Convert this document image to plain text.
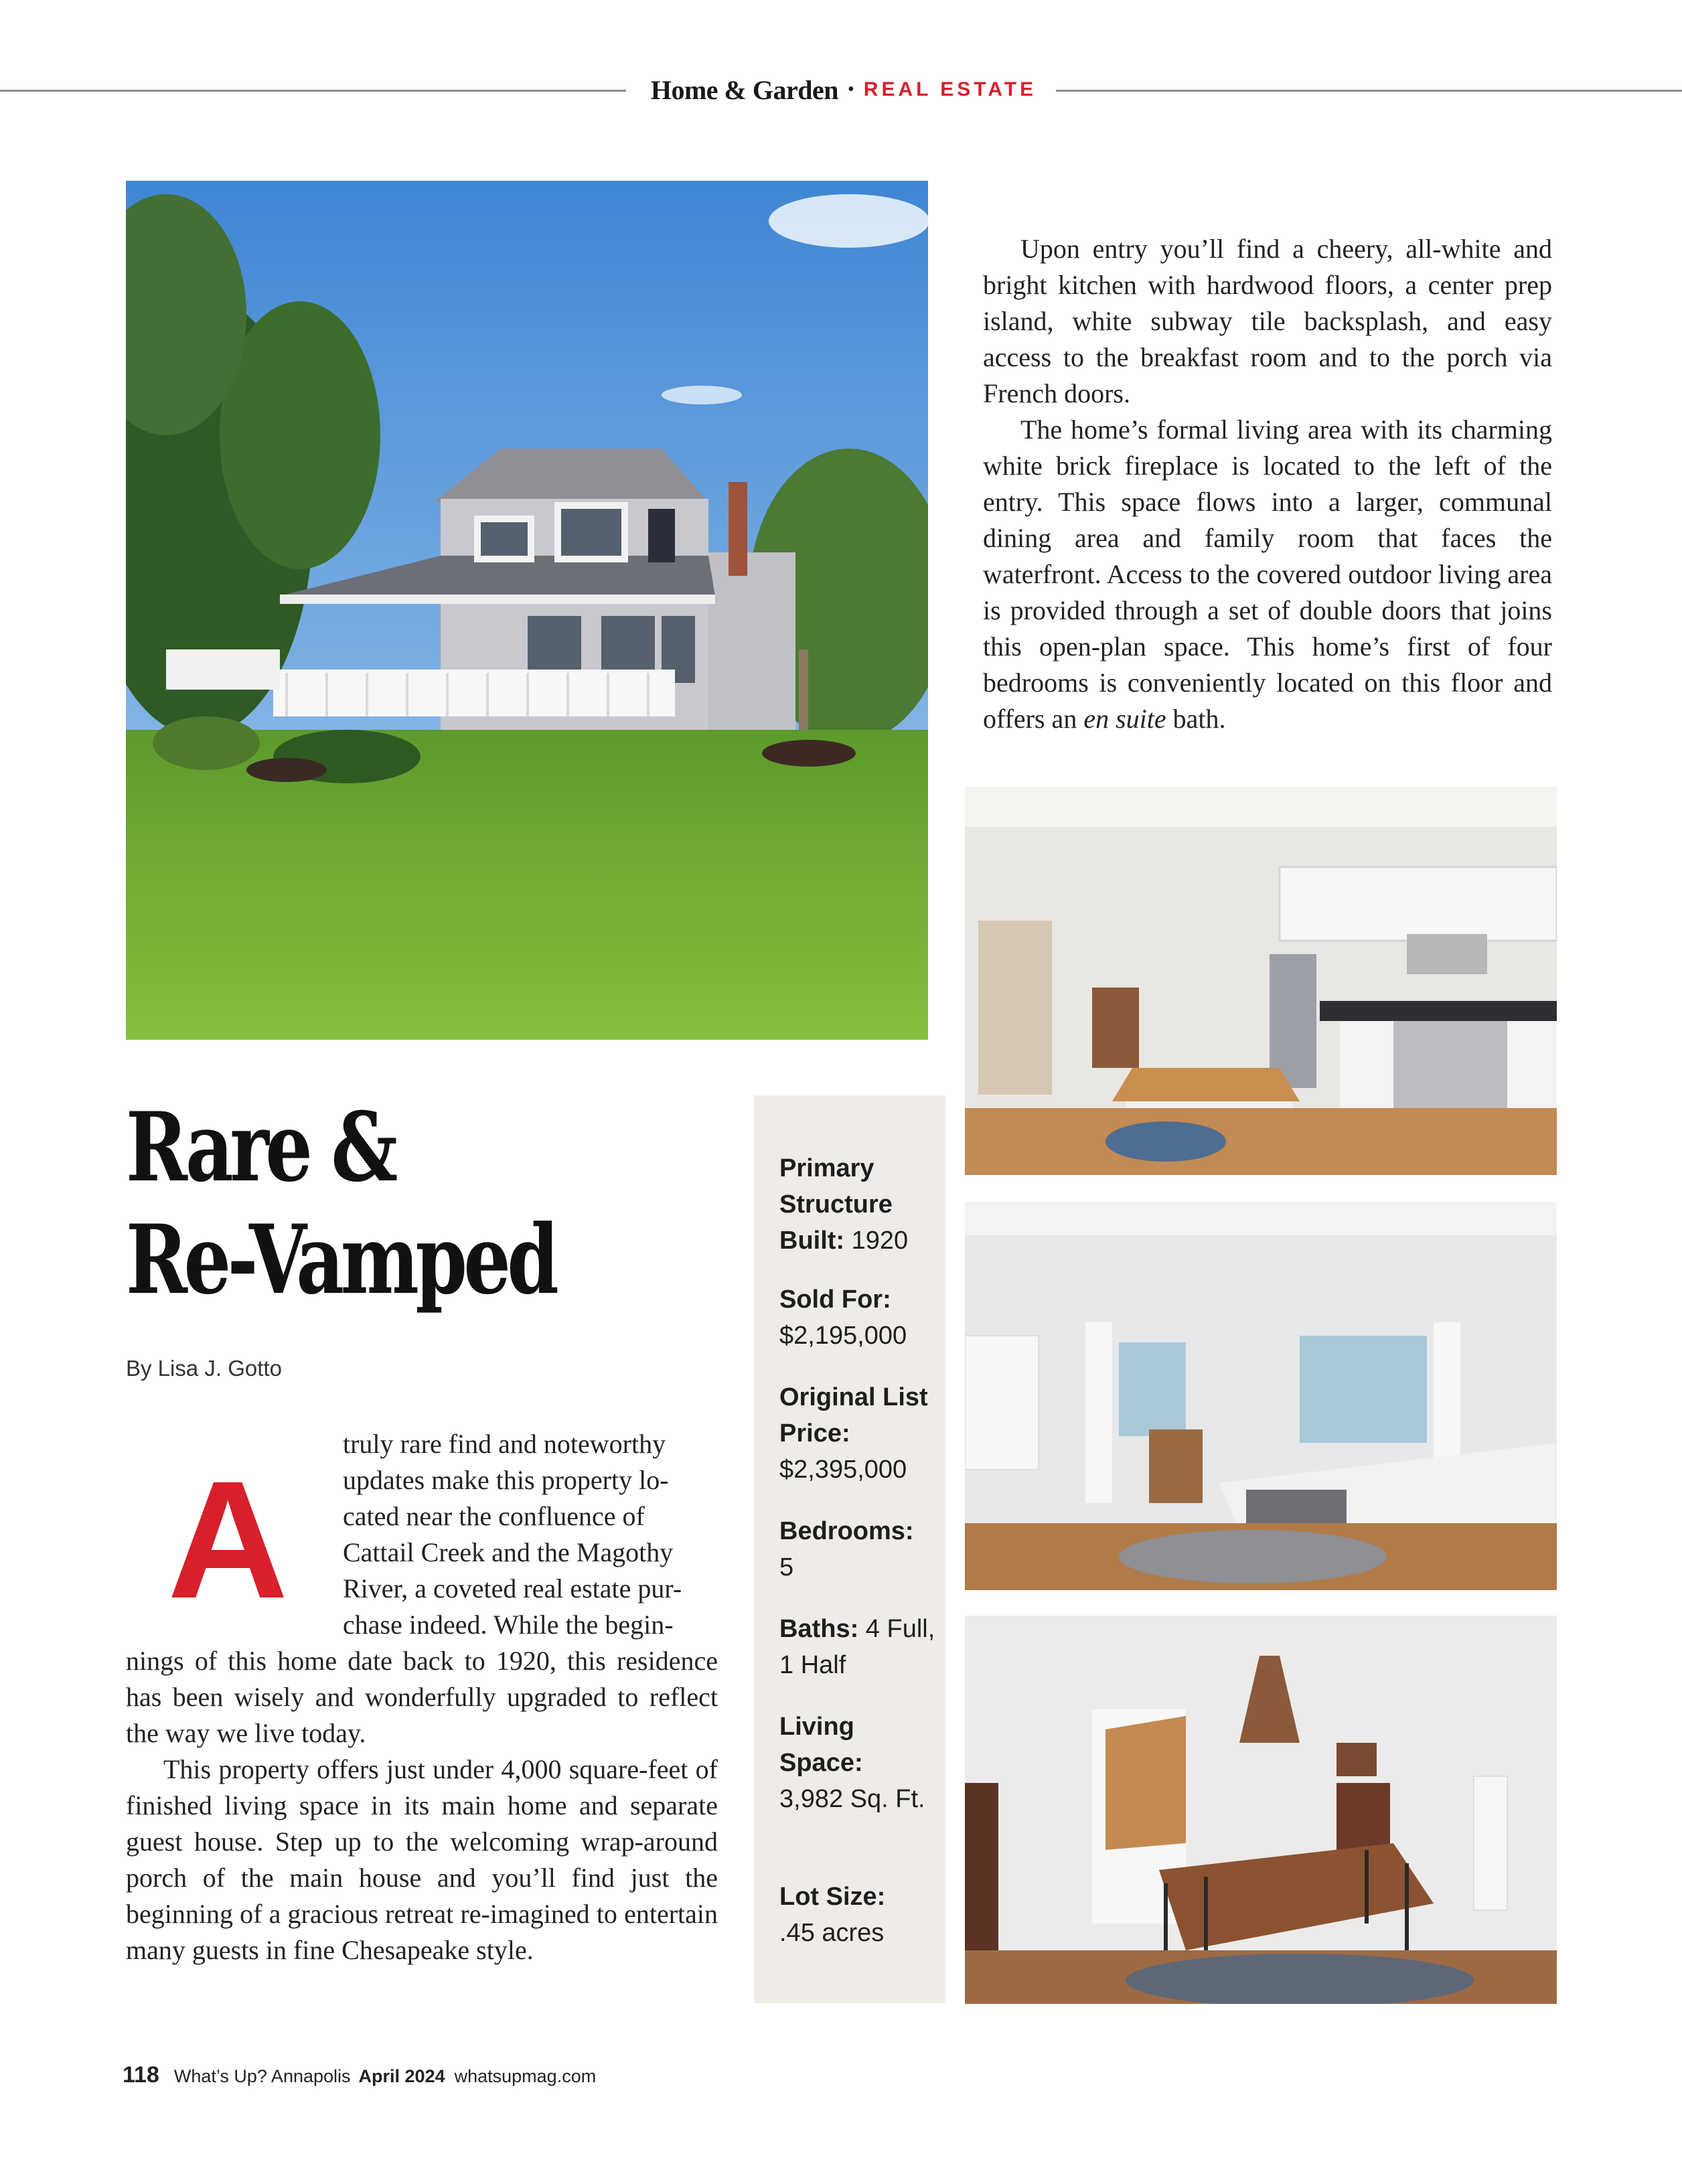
Home & Garden • REAL ESTATE

Upon entry you’ll find a cheery, all-white and bright kitchen with hardwood floors, a center prep island, white subway tile backsplash, and easy access to the breakfast room and to the porch via French doors.

The home’s formal living area with its charming white brick fireplace is located to the left of the entry. This space flows into a larger, communal dining area and family room that faces the waterfront. Access to the covered outdoor living area is provided through a set of double doors that joins this open-plan space. This home’s first of four bedrooms is conveniently located on this floor and offers an en suite bath.

Rare &
Re-Vamped
By Lisa J. Gotto
A
truly rare find and noteworthy
updates make this property lo-
cated near the confluence of
Cattail Creek and the Magothy
River, a coveted real estate pur-
chase indeed. While the begin-

nings of this home date back to 1920, this residence has been wisely and wonderfully upgraded to reflect the way we live today.

This property offers just under 4,000 square-feet of finished living space in its main home and separate guest house. Step up to the welcoming wrap-around porch of the main house and you’ll find just the beginning of a gracious retreat re-imagined to entertain many guests in fine Chesapeake style.

Primary Structure Built: 1920
Sold For:
$2,195,000
Original List Price:
$2,395,000
Bedrooms:
5
Baths: 4 Full, 1 Half
Living Space:
3,982 Sq. Ft.
Lot Size:
.45 acres
118 What’s Up? Annapolis April 2024 whatsupmag.com
